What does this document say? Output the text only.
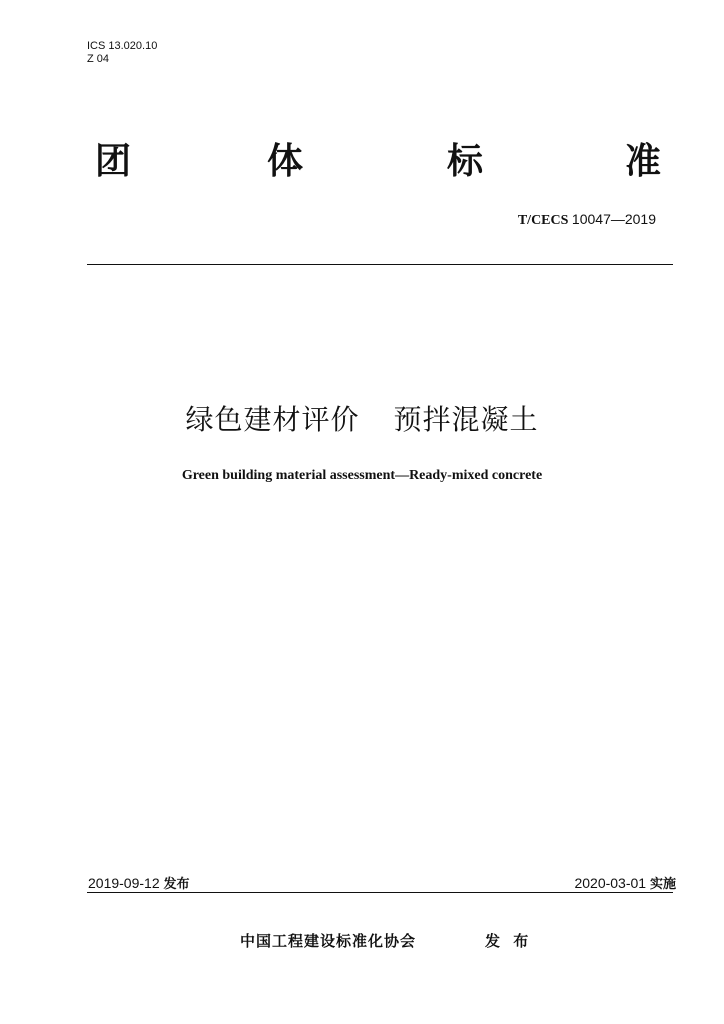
ICS 13.020.10
Z 04
团	体	标	准
T/CECS 10047—2019
绿色建材评价 预拌混凝土
Green building material assessment—Ready-mixed concrete
2019-09-12 发布	2020-03-01 实施
中国工程建设标准化协会	发 布
